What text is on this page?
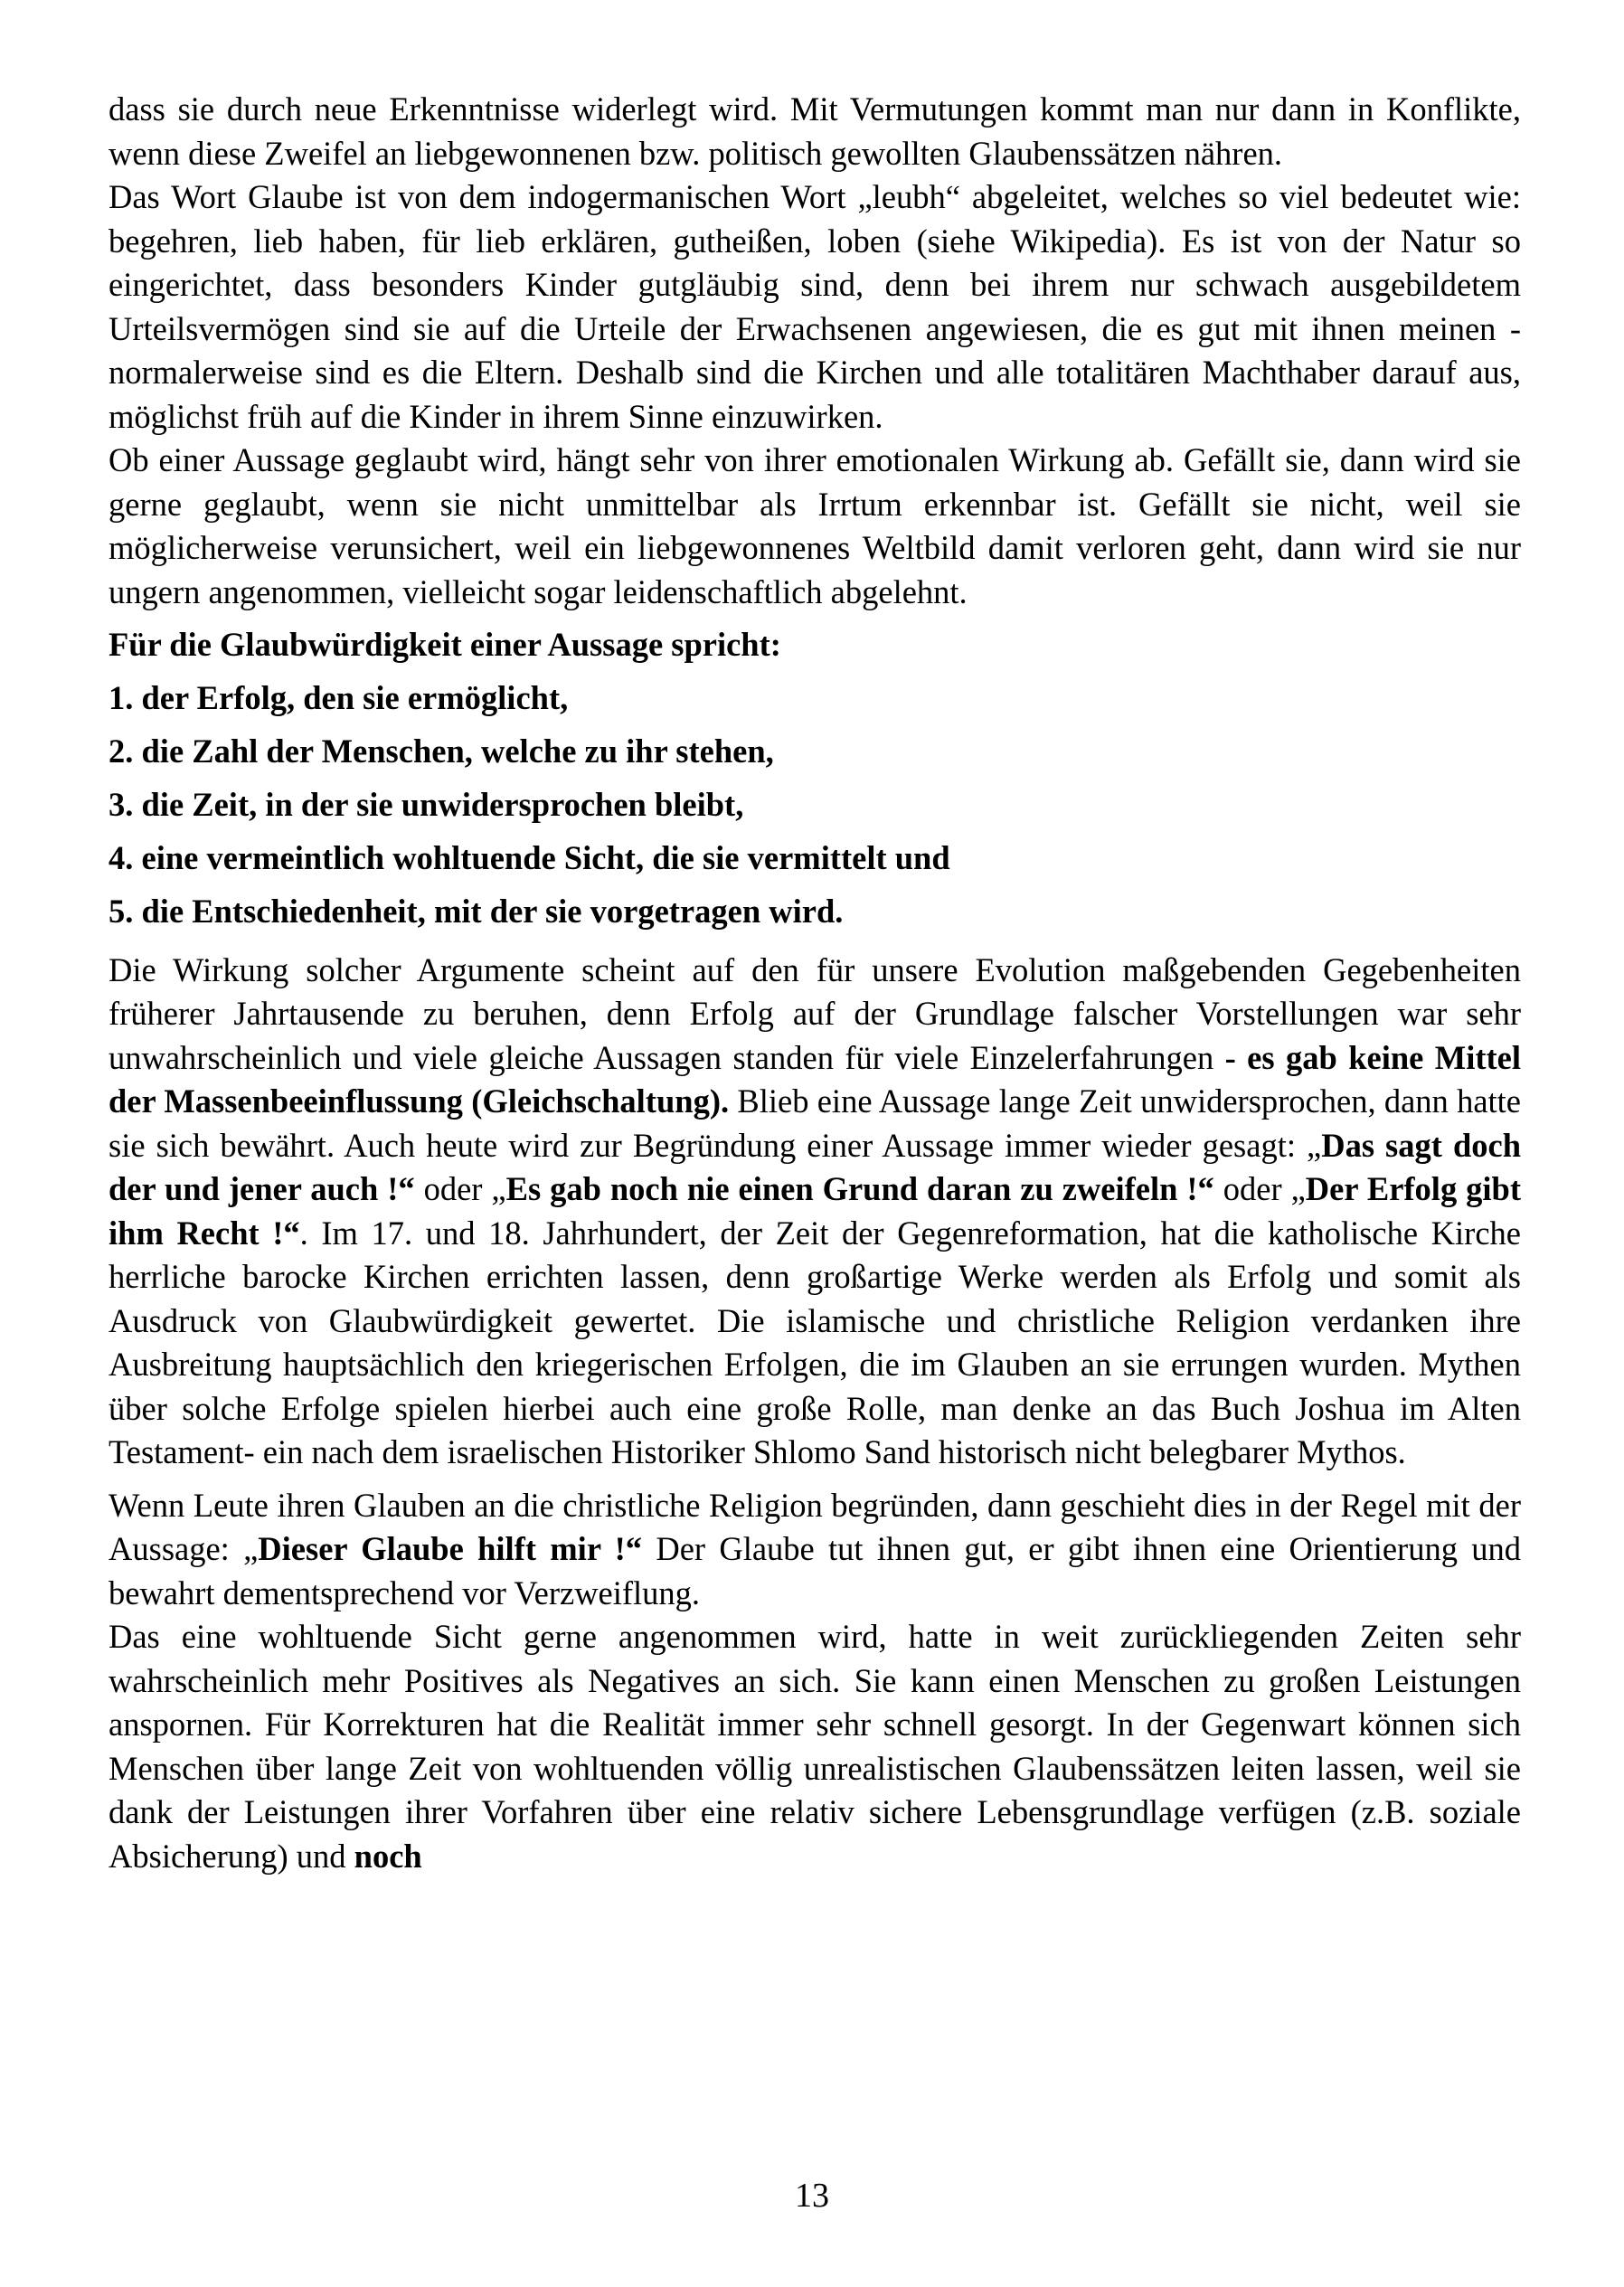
dass sie durch neue Erkenntnisse widerlegt wird. Mit Vermutungen kommt man nur dann in Konflikte, wenn diese Zweifel an liebgewonnenen bzw. politisch gewollten Glaubenssätzen nähren.

Das Wort Glaube ist von dem indogermanischen Wort „leubh“ abgeleitet, welches so viel bedeutet wie: begehren, lieb haben, für lieb erklären, gutheißen, loben (siehe Wikipedia). Es ist von der Natur so eingerichtet, dass besonders Kinder gutgläubig sind, denn bei ihrem nur schwach ausgebildetem Urteilsvermögen sind sie auf die Urteile der Erwachsenen angewiesen, die es gut mit ihnen meinen - normalerweise sind es die Eltern. Deshalb sind die Kirchen und alle totalitären Machthaber darauf aus, möglichst früh auf die Kinder in ihrem Sinne einzuwirken.

Ob einer Aussage geglaubt wird, hängt sehr von ihrer emotionalen Wirkung ab. Gefällt sie, dann wird sie gerne geglaubt, wenn sie nicht unmittelbar als Irrtum erkennbar ist. Gefällt sie nicht, weil sie möglicherweise verunsichert, weil ein liebgewonnenes Weltbild damit verloren geht, dann wird sie nur ungern angenommen, vielleicht sogar leidenschaftlich abgelehnt.

Für die Glaubwürdigkeit einer Aussage spricht:

1. der Erfolg, den sie ermöglicht,
2. die Zahl der Menschen, welche zu ihr stehen,
3. die Zeit, in der sie unwidersprochen bleibt,
4. eine vermeintlich wohltuende Sicht, die sie vermittelt und
5. die Entschiedenheit, mit der sie vorgetragen wird.

Die Wirkung solcher Argumente scheint auf den für unsere Evolution maßgebenden Gegebenheiten früherer Jahrtausende zu beruhen, denn Erfolg auf der Grundlage falscher Vorstellungen war sehr unwahrscheinlich und viele gleiche Aussagen standen für viele Einzelerfahrungen - es gab keine Mittel der Massenbeeinflussung (Gleichschaltung). Blieb eine Aussage lange Zeit unwidersprochen, dann hatte sie sich bewährt. Auch heute wird zur Begründung einer Aussage immer wieder gesagt: „Das sagt doch der und jener auch !“ oder „Es gab noch nie einen Grund daran zu zweifeln !“ oder „Der Erfolg gibt ihm Recht !“. Im 17. und 18. Jahrhundert, der Zeit der Gegenreformation, hat die katholische Kirche herrliche barocke Kirchen errichten lassen, denn großartige Werke werden als Erfolg und somit als Ausdruck von Glaubwürdigkeit gewertet. Die islamische und christliche Religion verdanken ihre Ausbreitung hauptsächlich den kriegerischen Erfolgen, die im Glauben an sie errungen wurden. Mythen über solche Erfolge spielen hierbei auch eine große Rolle, man denke an das Buch Joshua im Alten Testament- ein nach dem israelischen Historiker Shlomo Sand historisch nicht belegbarer Mythos.

Wenn Leute ihren Glauben an die christliche Religion begründen, dann geschieht dies in der Regel mit der Aussage: „Dieser Glaube hilft mir !“ Der Glaube tut ihnen gut, er gibt ihnen eine Orientierung und bewahrt dementsprechend vor Verzweiflung.

Das eine wohltuende Sicht gerne angenommen wird, hatte in weit zurückliegenden Zeiten sehr wahrscheinlich mehr Positives als Negatives an sich. Sie kann einen Menschen zu großen Leistungen anspornen. Für Korrekturen hat die Realität immer sehr schnell gesorgt. In der Gegenwart können sich Menschen über lange Zeit von wohltuenden völlig unrealistischen Glaubenssätzen leiten lassen, weil sie dank der Leistungen ihrer Vorfahren über eine relativ sichere Lebensgrundlage verfügen (z.B. soziale Absicherung) und noch

13
